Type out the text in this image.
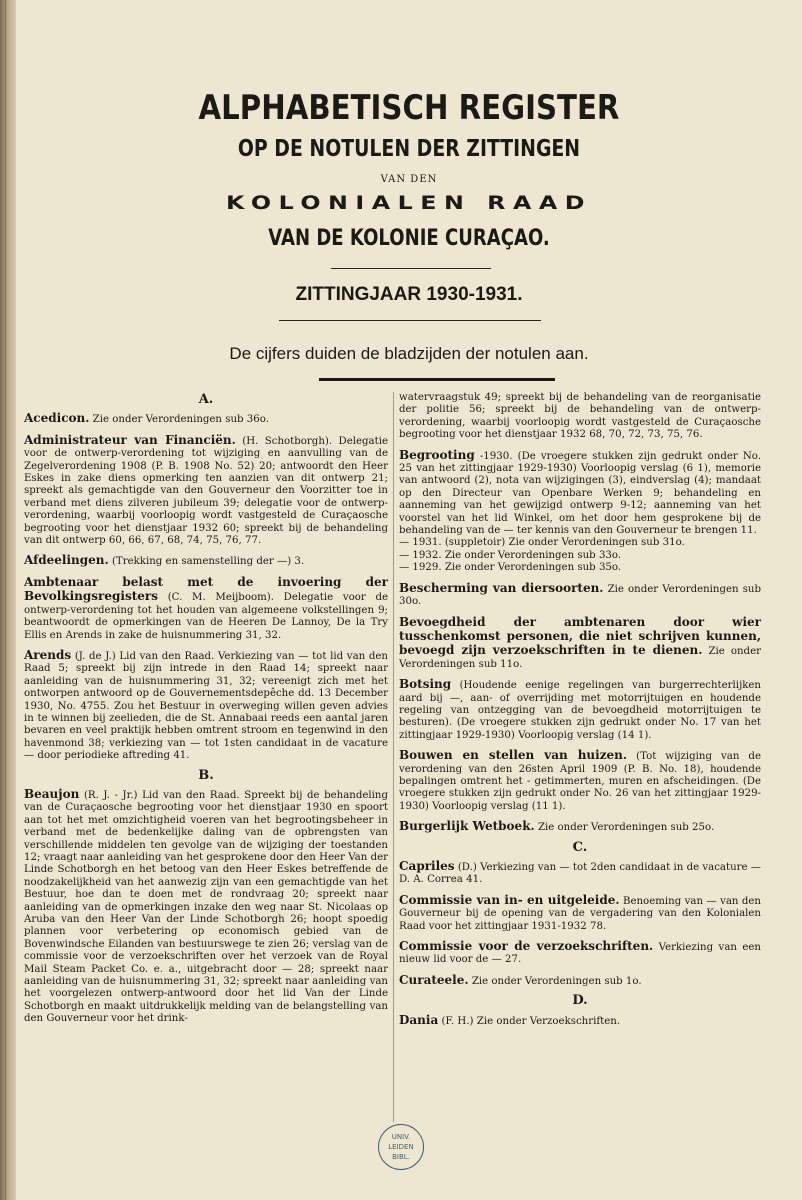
ALPHABETISCH REGISTER
OP DE NOTULEN DER ZITTINGEN
VAN DEN
KOLONIALEN RAAD
VAN DE KOLONIE CURAÇAO.
ZITTINGJAAR 1930-1931.
De cijfers duiden de bladzijden der notulen aan.
A.

Acedicon. Zie onder Verordeningen sub 36o.

Administrateur van Financiën. (H. Schotborgh). Delegatie voor de ontwerp-verordening tot wijziging en aanvulling van de Zegelverordening 1908 (P. B. 1908 No. 52) 20; antwoordt den Heer Eskes in zake diens opmerking ten aanzien van dit ontwerp 21; spreekt als gemachtigde van den Gouverneur den Voorzitter toe in verband met diens zilveren jubileum 39; delegatie voor de ontwerp-verordening, waarbij voorloopig wordt vastgesteld de Curaçaosche begrooting voor het dienstjaar 1932 60; spreekt bij de behandeling van dit ontwerp 60, 66, 67, 68, 74, 75, 76, 77.

Afdeelingen. (Trekking en samenstelling der —) 3.

Ambtenaar belast met de invoering der Bevolkingsregisters (C. M. Meijboom). Delegatie voor de ontwerp-verordening tot het houden van algemeene volkstellingen 9; beantwoordt de opmerkingen van de Heeren De Lannoy, De la Try Ellis en Arends in zake de huisnummering 31, 32.

Arends (J. de J.) Lid van den Raad. Verkiezing van — tot lid van den Raad 5; spreekt bij zijn intrede in den Raad 14; spreekt naar aanleiding van de huisnummering 31, 32; vereenigt zich met het ontworpen antwoord op de Gouvernementsdepêche dd. 13 December 1930, No. 4755. Zou het Bestuur in overweging willen geven advies in te winnen bij zeelieden, die de St. Annabaai reeds een aantal jaren bevaren en veel praktijk hebben omtrent stroom en tegenwind in den havenmond 38; verkiezing van — tot 1sten candidaat in de vacature — door periodieke aftreding 41.

B.

Beaujon (R. J. - Jr.) Lid van den Raad. Spreekt bij de behandeling van de Curaçaosche begrooting voor het dienstjaar 1930 en spoort aan tot het met omzichtigheid voeren van het begrootingsbeheer in verband met de bedenkelijke daling van de opbrengsten van verschillende middelen ten gevolge van de wijziging der toestanden 12; vraagt naar aanleiding van het gesprokene door den Heer Van der Linde Schotborgh en het betoog van den Heer Eskes betreffende de noodzakelijkheid van het aanwezig zijn van een gemachtigde van het Bestuur, hoe dan te doen met de rondvraag 20; spreekt naar aanleiding van de opmerkingen inzake den weg naar St. Nicolaas op Aruba van den Heer Van der Linde Schotborgh 26; hoopt spoedig plannen voor verbetering op economisch gebied van de Bovenwindsche Eilanden van bestuurswege te zien 26; verslag van de commissie voor de verzoekschriften over het verzoek van de Royal Mail Steam Packet Co. e. a., uitgebracht door — 28; spreekt naar aanleiding van de huisnummering 31, 32; spreekt naar aanleiding van het voorgelezen ontwerp-antwoord door het lid Van der Linde Schotborgh en maakt uitdrukkelijk melding van de belangstelling van den Gouverneur voor het drink-

watervraagstuk 49; spreekt bij de behandeling van de reorganisatie der politie 56; spreekt bij de behandeling van de ontwerp-verordening, waarbij voorloopig wordt vastgesteld de Curaçaosche begrooting voor het dienstjaar 1932 68, 70, 72, 73, 75, 76.

Begrooting -1930. (De vroegere stukken zijn gedrukt onder No. 25 van het zittingjaar 1929-1930) Voorloopig verslag (6 1), memorie van antwoord (2), nota van wijzigingen (3), eindverslag (4); mandaat op den Directeur van Openbare Werken 9; behandeling en aanneming van het gewijzigd ontwerp 9-12; aanneming van het voorstel van het lid Winkel, om het door hem gesprokene bij de behandeling van de — ter kennis van den Gouverneur te brengen 11.
— 1931. (suppletoir) Zie onder Verordeningen sub 31o.
— 1932. Zie onder Verordeningen sub 33o.
— 1929. Zie onder Verordeningen sub 35o.

Bescherming van diersoorten. Zie onder Verordeningen sub 30o.

Bevoegdheid der ambtenaren door wier tusschenkomst personen, die niet schrijven kunnen, bevoegd zijn verzoekschriften in te dienen. Zie onder Verordeningen sub 11o.

Botsing (Houdende eenige regelingen van burgerrechterlijken aard bij —, aan- of overrijding met motorrijtuigen en houdende regeling van ontzegging van de bevoegdheid motorrijtuigen te besturen). (De vroegere stukken zijn gedrukt onder No. 17 van het zittingjaar 1929-1930) Voorloopig verslag (14 1).

Bouwen en stellen van huizen. (Tot wijziging van de verordening van den 26sten April 1909 (P. B. No. 18), houdende bepalingen omtrent het - getimmerten, muren en afscheidingen. (De vroegere stukken zijn gedrukt onder No. 26 van het zittingjaar 1929-1930) Voorloopig verslag (11 1).

Burgerlijk Wetboek. Zie onder Verordeningen sub 25o.

C.

Capriles (D.) Verkiezing van — tot 2den candidaat in de vacature — D. A. Correa 41.

Commissie van in- en uitgeleide. Benoeming van — van den Gouverneur bij de opening van de vergadering van den Kolonialen Raad voor het zittingjaar 1931-1932 78.

Commissie voor de verzoekschriften. Verkiezing van een nieuw lid voor de — 27.

Curateele. Zie onder Verordeningen sub 1o.

D.

Dania (F. H.) Zie onder Verzoekschriften.

UNIV.
LEIDEN
BIBL.
